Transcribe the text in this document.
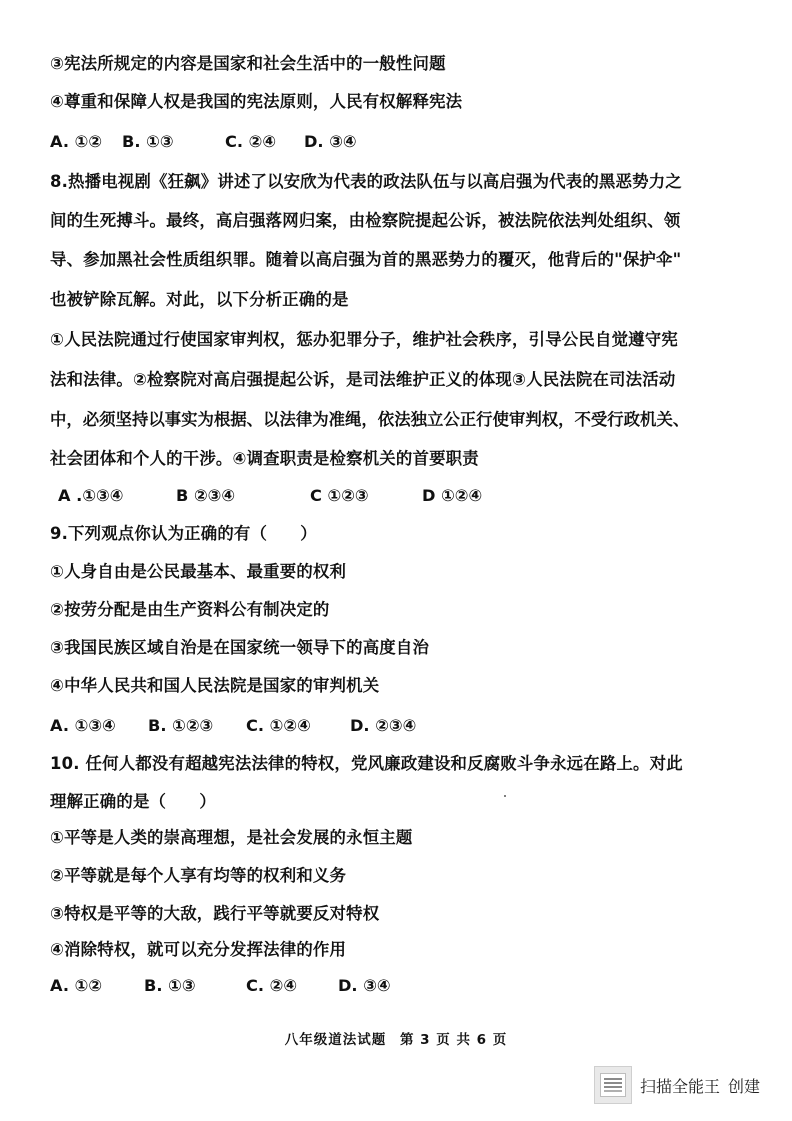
③宪法所规定的内容是国家和社会生活中的一般性问题
④尊重和保障人权是我国的宪法原则，人民有权解释宪法
A. ①② B. ①③	C. ②④ D. ③④
8.热播电视剧《狂飙》讲述了以安欣为代表的政法队伍与以高启强为代表的黑恶势力之
间的生死搏斗。最终，高启强落网归案，由检察院提起公诉，被法院依法判处组织、领
导、参加黑社会性质组织罪。随着以高启强为首的黑恶势力的覆灭，他背后的"保护伞"
也被铲除瓦解。对此，以下分析正确的是
①人民法院通过行使国家审判权，惩办犯罪分子，维护社会秩序，引导公民自觉遵守宪
法和法律。②检察院对高启强提起公诉，是司法维护正义的体现③人民法院在司法活动
中，必须坚持以事实为根据、以法律为准绳，依法独立公正行使审判权，不受行政机关、
社会团体和个人的干涉。④调查职责是检察机关的首要职责
A .①③④	B ②③④	C ①②③	D ①②④
9.下列观点你认为正确的有（　　）
①人身自由是公民最基本、最重要的权利
②按劳分配是由生产资料公有制决定的
③我国民族区域自治是在国家统一领导下的高度自治
④中华人民共和国人民法院是国家的审判机关
A. ①③④ B. ①②③ C. ①②④ D. ②③④
10. 任何人都没有超越宪法法律的特权，党风廉政建设和反腐败斗争永远在路上。对此
理解正确的是（　　）
①平等是人类的崇高理想，是社会发展的永恒主题
②平等就是每个人享有均等的权利和义务
③特权是平等的大敌，践行平等就要反对特权
④消除特权，就可以充分发挥法律的作用
A. ①②	B. ①③	C. ②④	D. ③④
八年级道法试题 第 3 页 共 6 页
扫描全能王 创建
